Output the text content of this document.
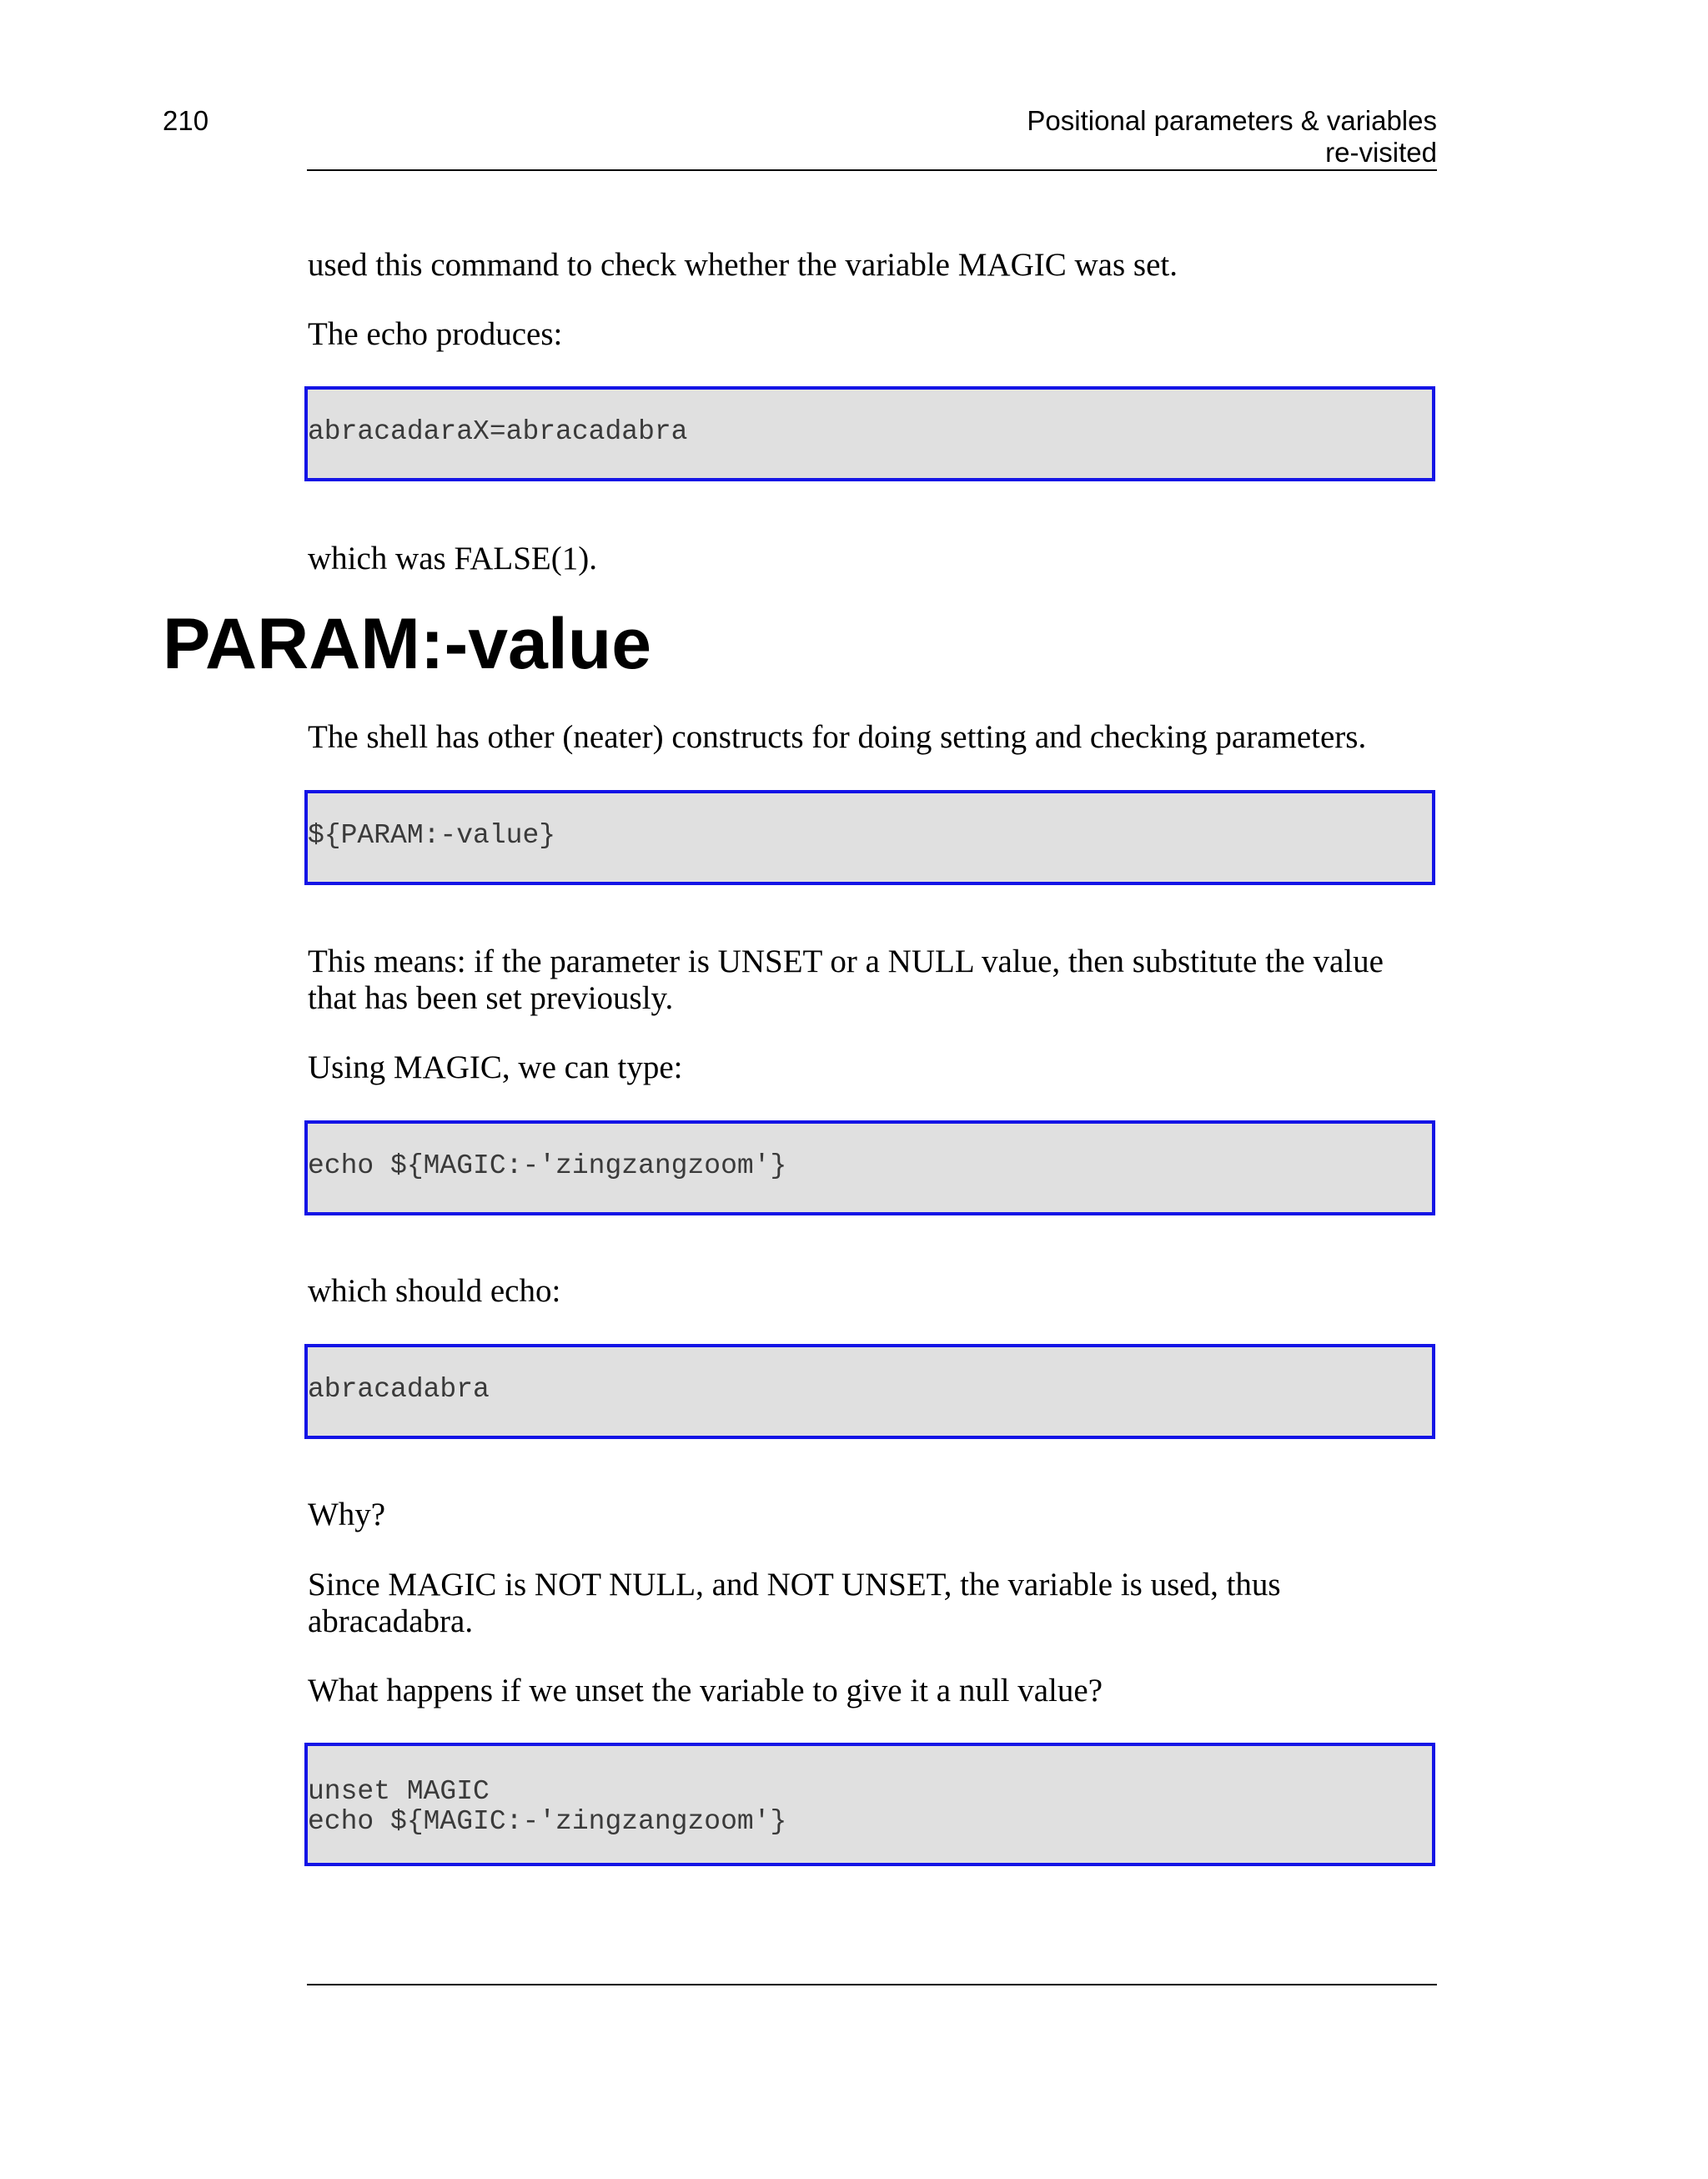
210	Positional parameters & variables
re-visited

used this command to check whether the variable MAGIC was set.

The echo produces:

abracadaraX=abracadabra

which was FALSE(1).

PARAM:-value

The shell has other (neater) constructs for doing setting and checking parameters.

${PARAM:-value}

This means: if the parameter is UNSET or a NULL value, then substitute the value that has been set previously.

Using MAGIC, we can type:

echo ${MAGIC:-'zingzangzoom'}

which should echo:

abracadabra

Why?

Since MAGIC is NOT NULL, and NOT UNSET, the variable is used, thus abracadabra.

What happens if we unset the variable to give it a null value?

unset MAGIC
echo ${MAGIC:-'zingzangzoom'}
